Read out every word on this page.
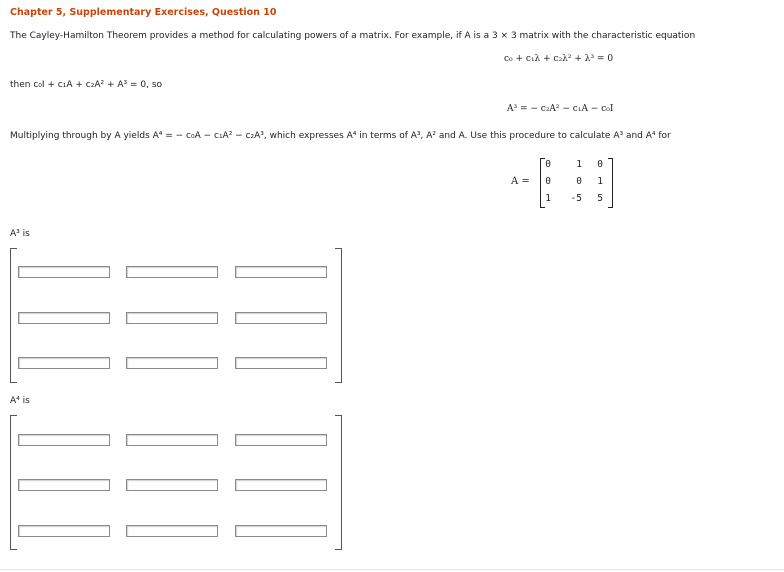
Chapter 5, Supplementary Exercises, Question 10
The Cayley-Hamilton Theorem provides a method for calculating powers of a matrix. For example, if A is a 3 × 3 matrix with the characteristic equation
c₀ + c₁λ + c₂λ² + λ³ = 0
then c₀I + c₁A + c₂A² + A³ = 0, so
A³ = − c₂A² − c₁A − c₀I
Multiplying through by A yields A⁴ = − c₀A − c₁A² − c₂A³, which expresses A⁴ in terms of A³, A² and A. Use this procedure to calculate A³ and A⁴ for
A =
0	1	0
0	0	1
1	-5	5
A³ is
A⁴ is
